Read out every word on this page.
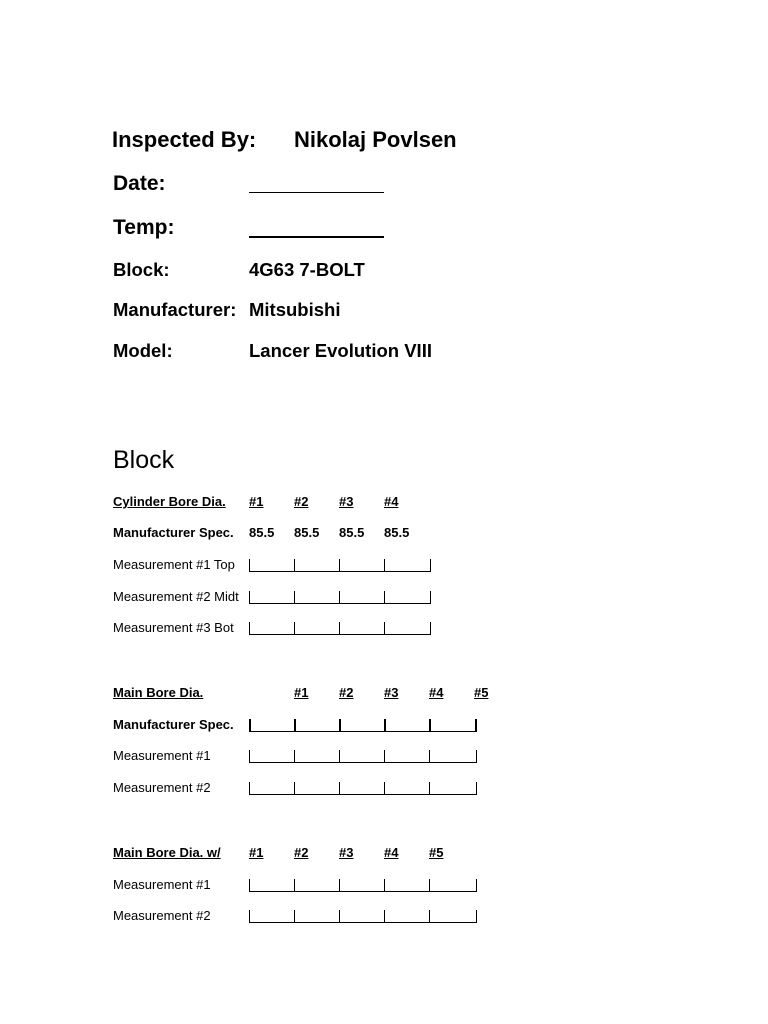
Inspected By: Nikolaj Povlsen
Date:
Temp:
Block:	4G63 7-BOLT
Manufacturer: Mitsubishi
Model:	Lancer Evolution VIII
Block
Cylinder Bore Dia. #1 #2 #3 #4
Manufacturer Spec. 85.5 85.5 85.5 85.5
Measurement #1 Top
Measurement #2 Midt
Measurement #3 Bot
Main Bore Dia.	#1 #2 #3 #4 #5
Manufacturer Spec.
Measurement #1
Measurement #2
Main Bore Dia. w/ #1 #2 #3 #4 #5
Measurement #1
Measurement #2
